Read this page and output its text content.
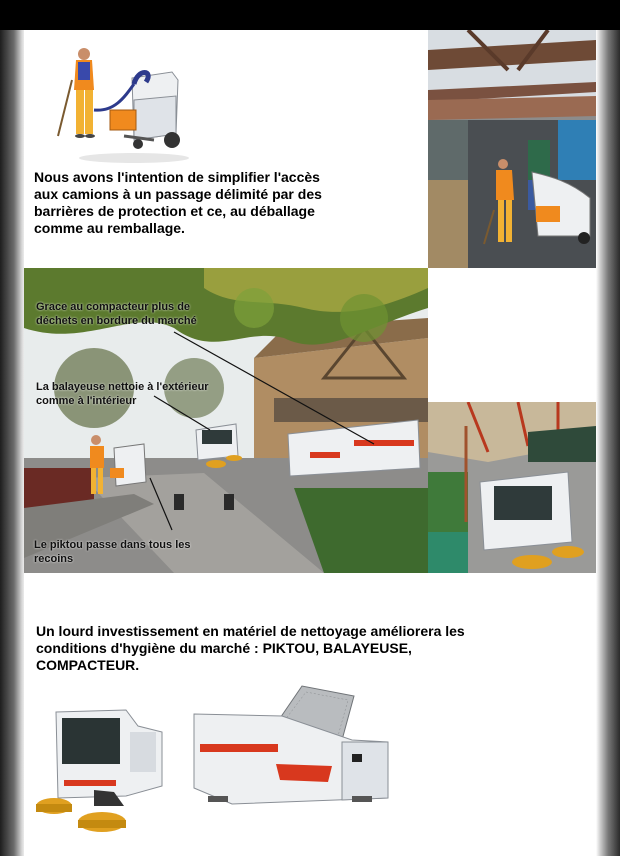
Nous avons l'intention de simplifier l'accès aux camions à un passage délimité par des barrières de protection et ce, au déballage comme au remballage.

Grace au compacteur plus de déchets en bordure du marché
La balayeuse nettoie à l'extérieur comme à l'intérieur
Le piktou passe dans tous les recoins

Un lourd investissement en matériel de nettoyage améliorera les conditions d'hygiène du marché : PIKTOU, BALAYEUSE, COMPACTEUR.
